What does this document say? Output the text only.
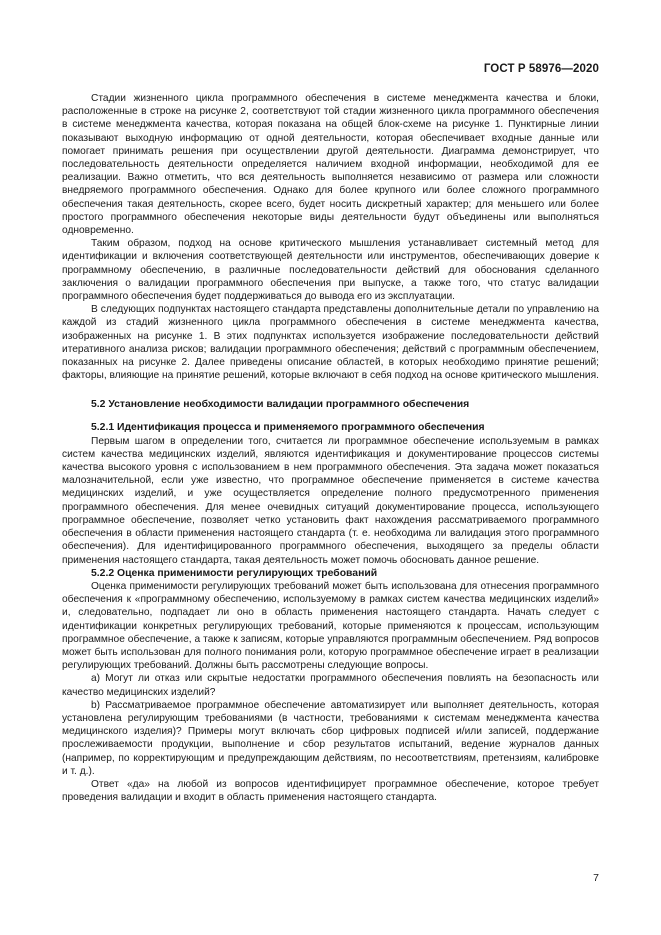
ГОСТ Р 58976—2020

Стадии жизненного цикла программного обеспечения в системе менеджмента качества и блоки, расположенные в строке на рисунке 2, соответствуют той стадии жизненного цикла программного обеспечения в системе менеджмента качества, которая показана на общей блок-схеме на рисунке 1. Пунктирные линии показывают выходную информацию от одной деятельности, которая обеспечивает входные данные или помогает принимать решения при осуществлении другой деятельности. Диаграмма демонстрирует, что последовательность деятельности определяется наличием входной информации, необходимой для ее реализации. Важно отметить, что вся деятельность выполняется независимо от размера или сложности внедряемого программного обеспечения. Однако для более крупного или более сложного программного обеспечения такая деятельность, скорее всего, будет носить дискретный характер; для меньшего или более простого программного обеспечения некоторые виды деятельности будут объединены или выполняться одновременно.

Таким образом, подход на основе критического мышления устанавливает системный метод для идентификации и включения соответствующей деятельности или инструментов, обеспечивающих доверие к программному обеспечению, в различные последовательности действий для обоснования сделанного заключения о валидации программного обеспечения при выпуске, а также того, что статус валидации программного обеспечения будет поддерживаться до вывода его из эксплуатации.

В следующих подпунктах настоящего стандарта представлены дополнительные детали по управлению на каждой из стадий жизненного цикла программного обеспечения в системе менеджмента качества, изображенных на рисунке 1. В этих подпунктах используется изображение последовательности действий итеративного анализа рисков; валидации программного обеспечения; действий с программным обеспечением, показанных на рисунке 2. Далее приведены описание областей, в которых необходимо принятие решений; факторы, влияющие на принятие решений, которые включают в себя подход на основе критического мышления.

5.2 Установление необходимости валидации программного обеспечения
5.2.1 Идентификация процесса и применяемого программного обеспечения

Первым шагом в определении того, считается ли программное обеспечение используемым в рамках систем качества медицинских изделий, являются идентификация и документирование процессов системы качества высокого уровня с использованием в нем программного обеспечения. Эта задача может показаться малозначительной, если уже известно, что программное обеспечение применяется в системе качества медицинских изделий, и уже осуществляется определение полного предусмотренного применения программного обеспечения. Для менее очевидных ситуаций документирование процесса, использующего программное обеспечение, позволяет четко установить факт нахождения рассматриваемого программного обеспечения в области применения настоящего стандарта (т. е. необходима ли валидация этого программного обеспечения). Для идентифицированного программного обеспечения, выходящего за пределы области применения настоящего стандарта, такая деятельность может помочь обосновать данное решение.

5.2.2 Оценка применимости регулирующих требований

Оценка применимости регулирующих требований может быть использована для отнесения программного обеспечения к «программному обеспечению, используемому в рамках систем качества медицинских изделий» и, следовательно, подпадает ли оно в область применения настоящего стандарта. Начать следует с идентификации конкретных регулирующих требований, которые применяются к процессам, использующим программное обеспечение, а также к записям, которые управляются программным обеспечением. Ряд вопросов может быть использован для полного понимания роли, которую программное обеспечение играет в реализации регулирующих требований. Должны быть рассмотрены следующие вопросы.

а) Могут ли отказ или скрытые недостатки программного обеспечения повлиять на безопасность или качество медицинских изделий?

b) Рассматриваемое программное обеспечение автоматизирует или выполняет деятельность, которая установлена регулирующим требованиями (в частности, требованиями к системам менеджмента качества медицинского изделия)? Примеры могут включать сбор цифровых подписей и/или записей, поддержание прослеживаемости продукции, выполнение и сбор результатов испытаний, ведение журналов данных (например, по корректирующим и предупреждающим действиям, по несоответствиям, претензиям, калибровке и т. д.).

Ответ «да» на любой из вопросов идентифицирует программное обеспечение, которое требует проведения валидации и входит в область применения настоящего стандарта.

7
